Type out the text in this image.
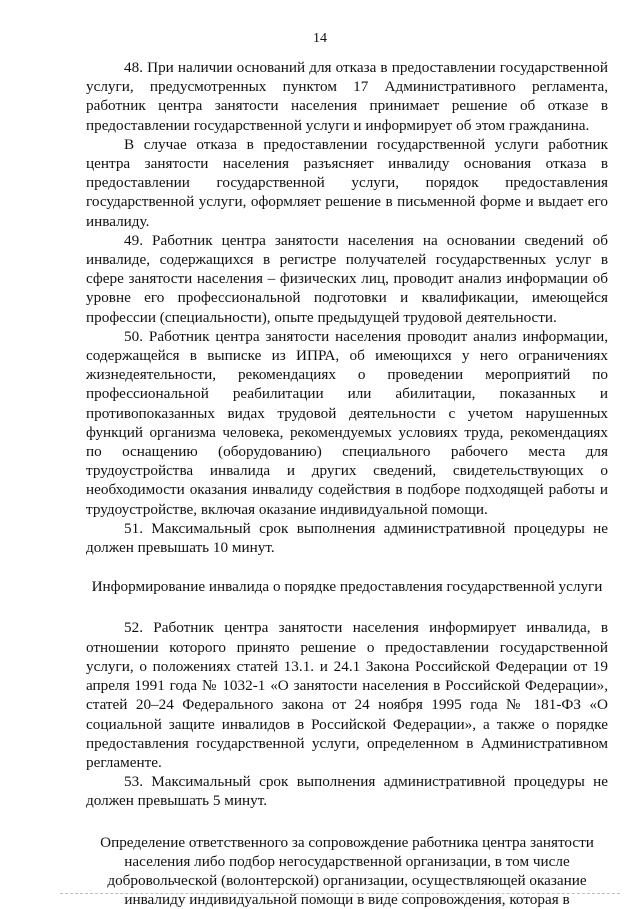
14

48. При наличии оснований для отказа в предоставлении государственной услуги, предусмотренных пунктом 17 Административного регламента, работник центра занятости населения принимает решение об отказе в предоставлении государственной услуги и информирует об этом гражданина.

В случае отказа в предоставлении государственной услуги работник центра занятости населения разъясняет инвалиду основания отказа в предоставлении государственной услуги, порядок предоставления государственной услуги, оформляет решение в письменной форме и выдает его инвалиду.

49. Работник центра занятости населения на основании сведений об инвалиде, содержащихся в регистре получателей государственных услуг в сфере занятости населения – физических лиц, проводит анализ информации об уровне его профессиональной подготовки и квалификации, имеющейся профессии (специальности), опыте предыдущей трудовой деятельности.

50. Работник центра занятости населения проводит анализ информации, содержащейся в выписке из ИПРА, об имеющихся у него ограничениях жизнедеятельности, рекомендациях о проведении мероприятий по профессиональной реабилитации или абилитации, показанных и противопоказанных видах трудовой деятельности с учетом нарушенных функций организма человека, рекомендуемых условиях труда, рекомендациях по оснащению (оборудованию) специального рабочего места для трудоустройства инвалида и других сведений, свидетельствующих о необходимости оказания инвалиду содействия в подборе подходящей работы и трудоустройстве, включая оказание индивидуальной помощи.

51. Максимальный срок выполнения административной процедуры не должен превышать 10 минут.

Информирование инвалида о порядке предоставления государственной услуги

52. Работник центра занятости населения информирует инвалида, в отношении которого принято решение о предоставлении государственной услуги, о положениях статей 13.1. и 24.1 Закона Российской Федерации от 19 апреля 1991 года № 1032-1 «О занятости населения в Российской Федерации», статей 20–24 Федерального закона от 24 ноября 1995 года № 181-ФЗ «О социальной защите инвалидов в Российской Федерации», а также о порядке предоставления государственной услуги, определенном в Административном регламенте.

53. Максимальный срок выполнения административной процедуры не должен превышать 5 минут.

Определение ответственного за сопровождение работника центра занятости населения либо подбор негосударственной организации, в том числе добровольческой (волонтерской) организации, осуществляющей оказание инвалиду индивидуальной помощи в виде сопровождения, которая в
